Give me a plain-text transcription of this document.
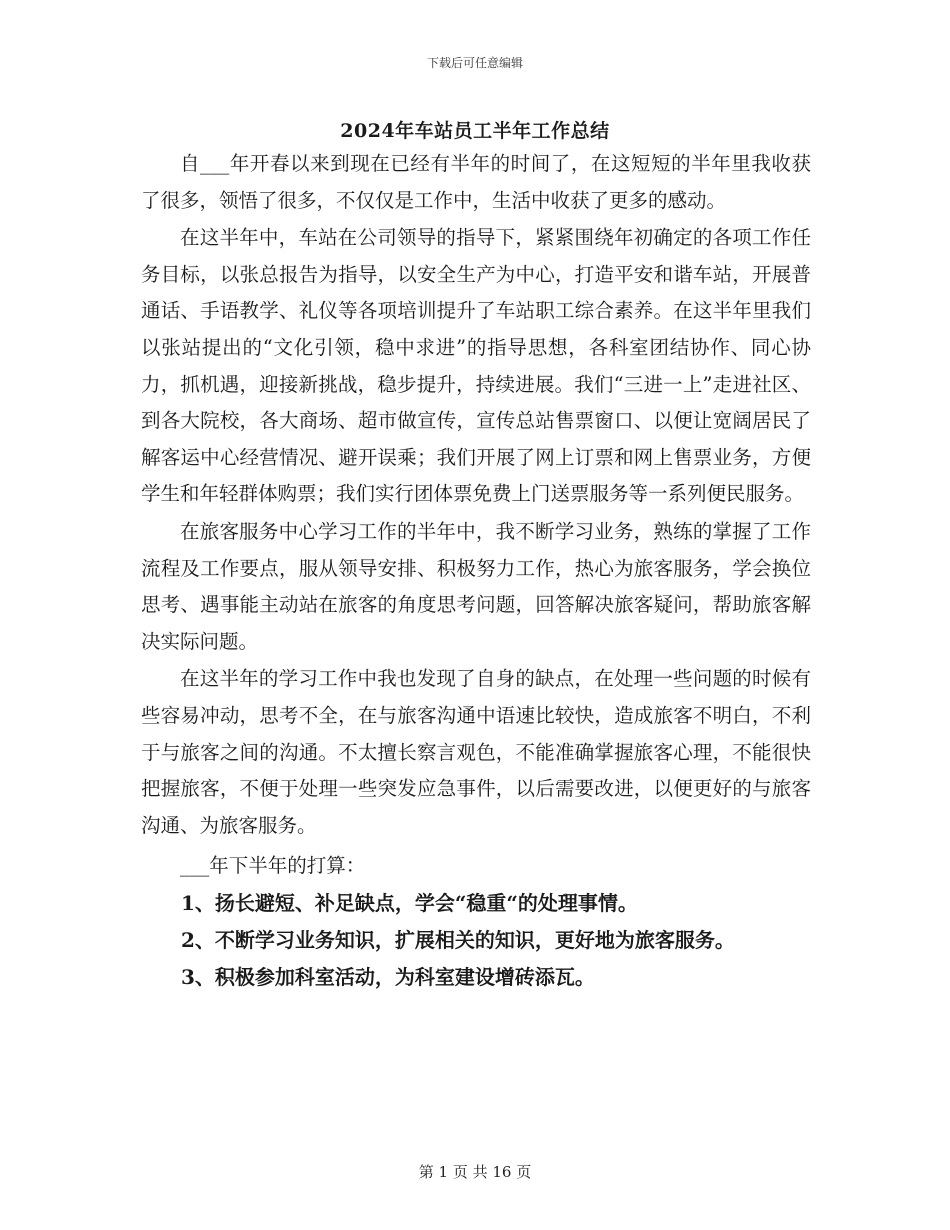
下载后可任意编辑
2024年车站员工半年工作总结

自___年开春以来到现在已经有半年的时间了，在这短短的半年里我收获了很多，领悟了很多，不仅仅是工作中，生活中收获了更多的感动。

在这半年中，车站在公司领导的指导下，紧紧围绕年初确定的各项工作任务目标，以张总报告为指导，以安全生产为中心，打造平安和谐车站，开展普通话、手语教学、礼仪等各项培训提升了车站职工综合素养。在这半年里我们以张站提出的“文化引领，稳中求进”的指导思想，各科室团结协作、同心协力，抓机遇，迎接新挑战，稳步提升，持续进展。我们“三进一上”走进社区、到各大院校，各大商场、超市做宣传，宣传总站售票窗口、以便让宽阔居民了解客运中心经营情况、避开误乘；我们开展了网上订票和网上售票业务，方便学生和年轻群体购票；我们实行团体票免费上门送票服务等一系列便民服务。

在旅客服务中心学习工作的半年中，我不断学习业务，熟练的掌握了工作流程及工作要点，服从领导安排、积极努力工作，热心为旅客服务，学会换位思考、遇事能主动站在旅客的角度思考问题，回答解决旅客疑问，帮助旅客解决实际问题。

在这半年的学习工作中我也发现了自身的缺点，在处理一些问题的时候有些容易冲动，思考不全，在与旅客沟通中语速比较快，造成旅客不明白，不利于与旅客之间的沟通。不太擅长察言观色，不能准确掌握旅客心理，不能很快把握旅客，不便于处理一些突发应急事件，以后需要改进，以便更好的与旅客沟通、为旅客服务。

___年下半年的打算：

1、扬长避短、补足缺点，学会“稳重“的处理事情。

2、不断学习业务知识，扩展相关的知识，更好地为旅客服务。

3、积极参加科室活动，为科室建设增砖添瓦。

第 1 页 共 16 页
